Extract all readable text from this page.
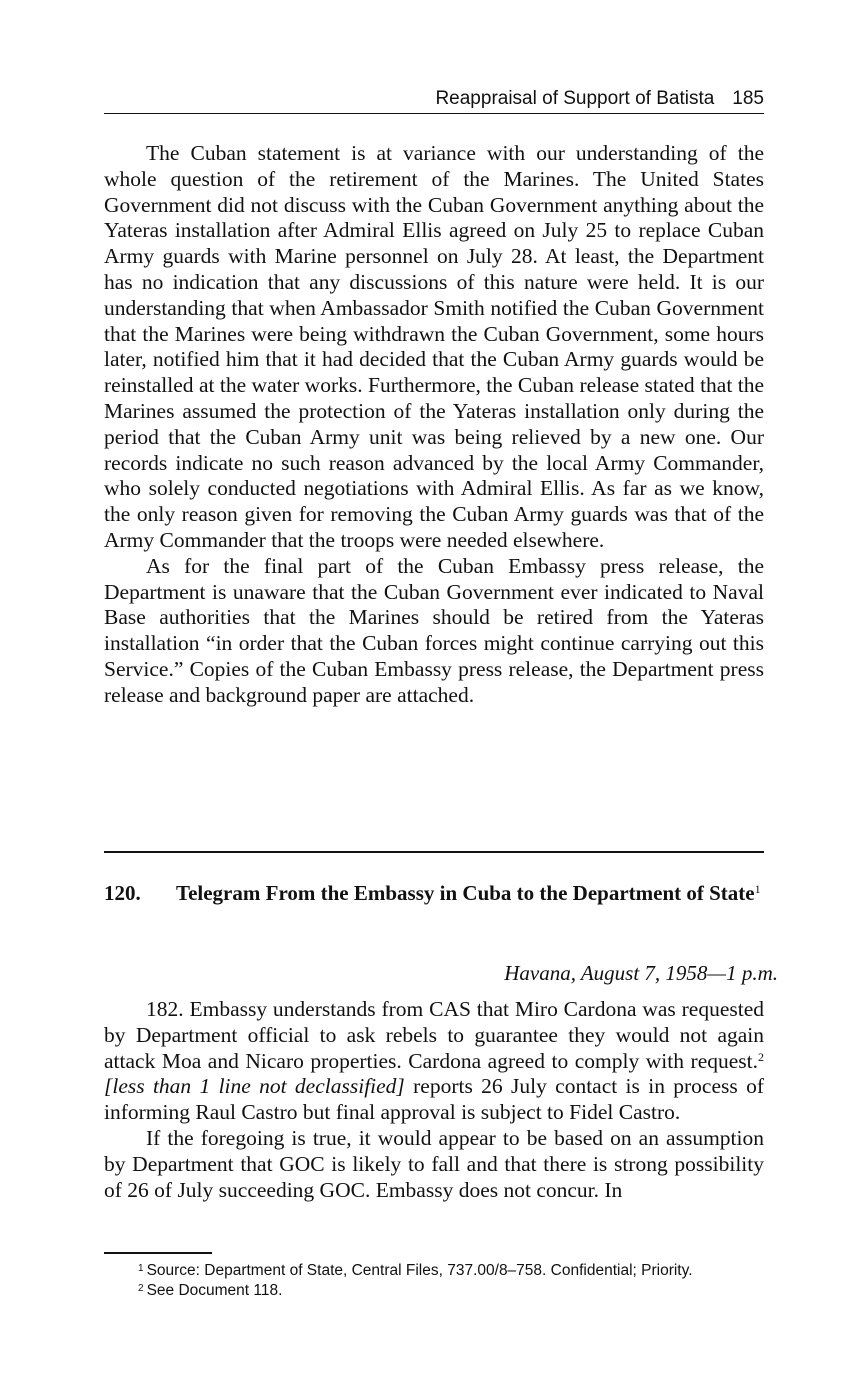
Reappraisal of Support of Batista 185

The Cuban statement is at variance with our understanding of the whole question of the retirement of the Marines. The United States Government did not discuss with the Cuban Government anything about the Yateras installation after Admiral Ellis agreed on July 25 to replace Cuban Army guards with Marine personnel on July 28. At least, the Department has no indication that any discussions of this nature were held. It is our understanding that when Ambassador Smith notified the Cuban Government that the Marines were being withdrawn the Cuban Government, some hours later, notified him that it had decided that the Cuban Army guards would be reinstalled at the water works. Furthermore, the Cuban release stated that the Marines assumed the protection of the Yateras installation only during the period that the Cuban Army unit was being relieved by a new one. Our records indicate no such reason advanced by the local Army Commander, who solely conducted negotiations with Admiral Ellis. As far as we know, the only reason given for removing the Cuban Army guards was that of the Army Commander that the troops were needed elsewhere.

As for the final part of the Cuban Embassy press release, the Department is unaware that the Cuban Government ever indicated to Naval Base authorities that the Marines should be retired from the Yateras installation “in order that the Cuban forces might continue carrying out this Service.” Copies of the Cuban Embassy press release, the Department press release and background paper are attached.

120. Telegram From the Embassy in Cuba to the Department of State$^1$
Havana, August 7, 1958—1 p.m.

182. Embassy understands from CAS that Miro Cardona was requested by Department official to ask rebels to guarantee they would not again attack Moa and Nicaro properties. Cardona agreed to comply with request.$^2$ [less than 1 line not declassified] reports 26 July contact is in process of informing Raul Castro but final approval is subject to Fidel Castro.

If the foregoing is true, it would appear to be based on an assumption by Department that GOC is likely to fall and that there is strong possibility of 26 of July succeeding GOC. Embassy does not concur. In

$^1$ Source: Department of State, Central Files, 737.00/8–758. Confidential; Priority.
$^2$ See Document 118.
